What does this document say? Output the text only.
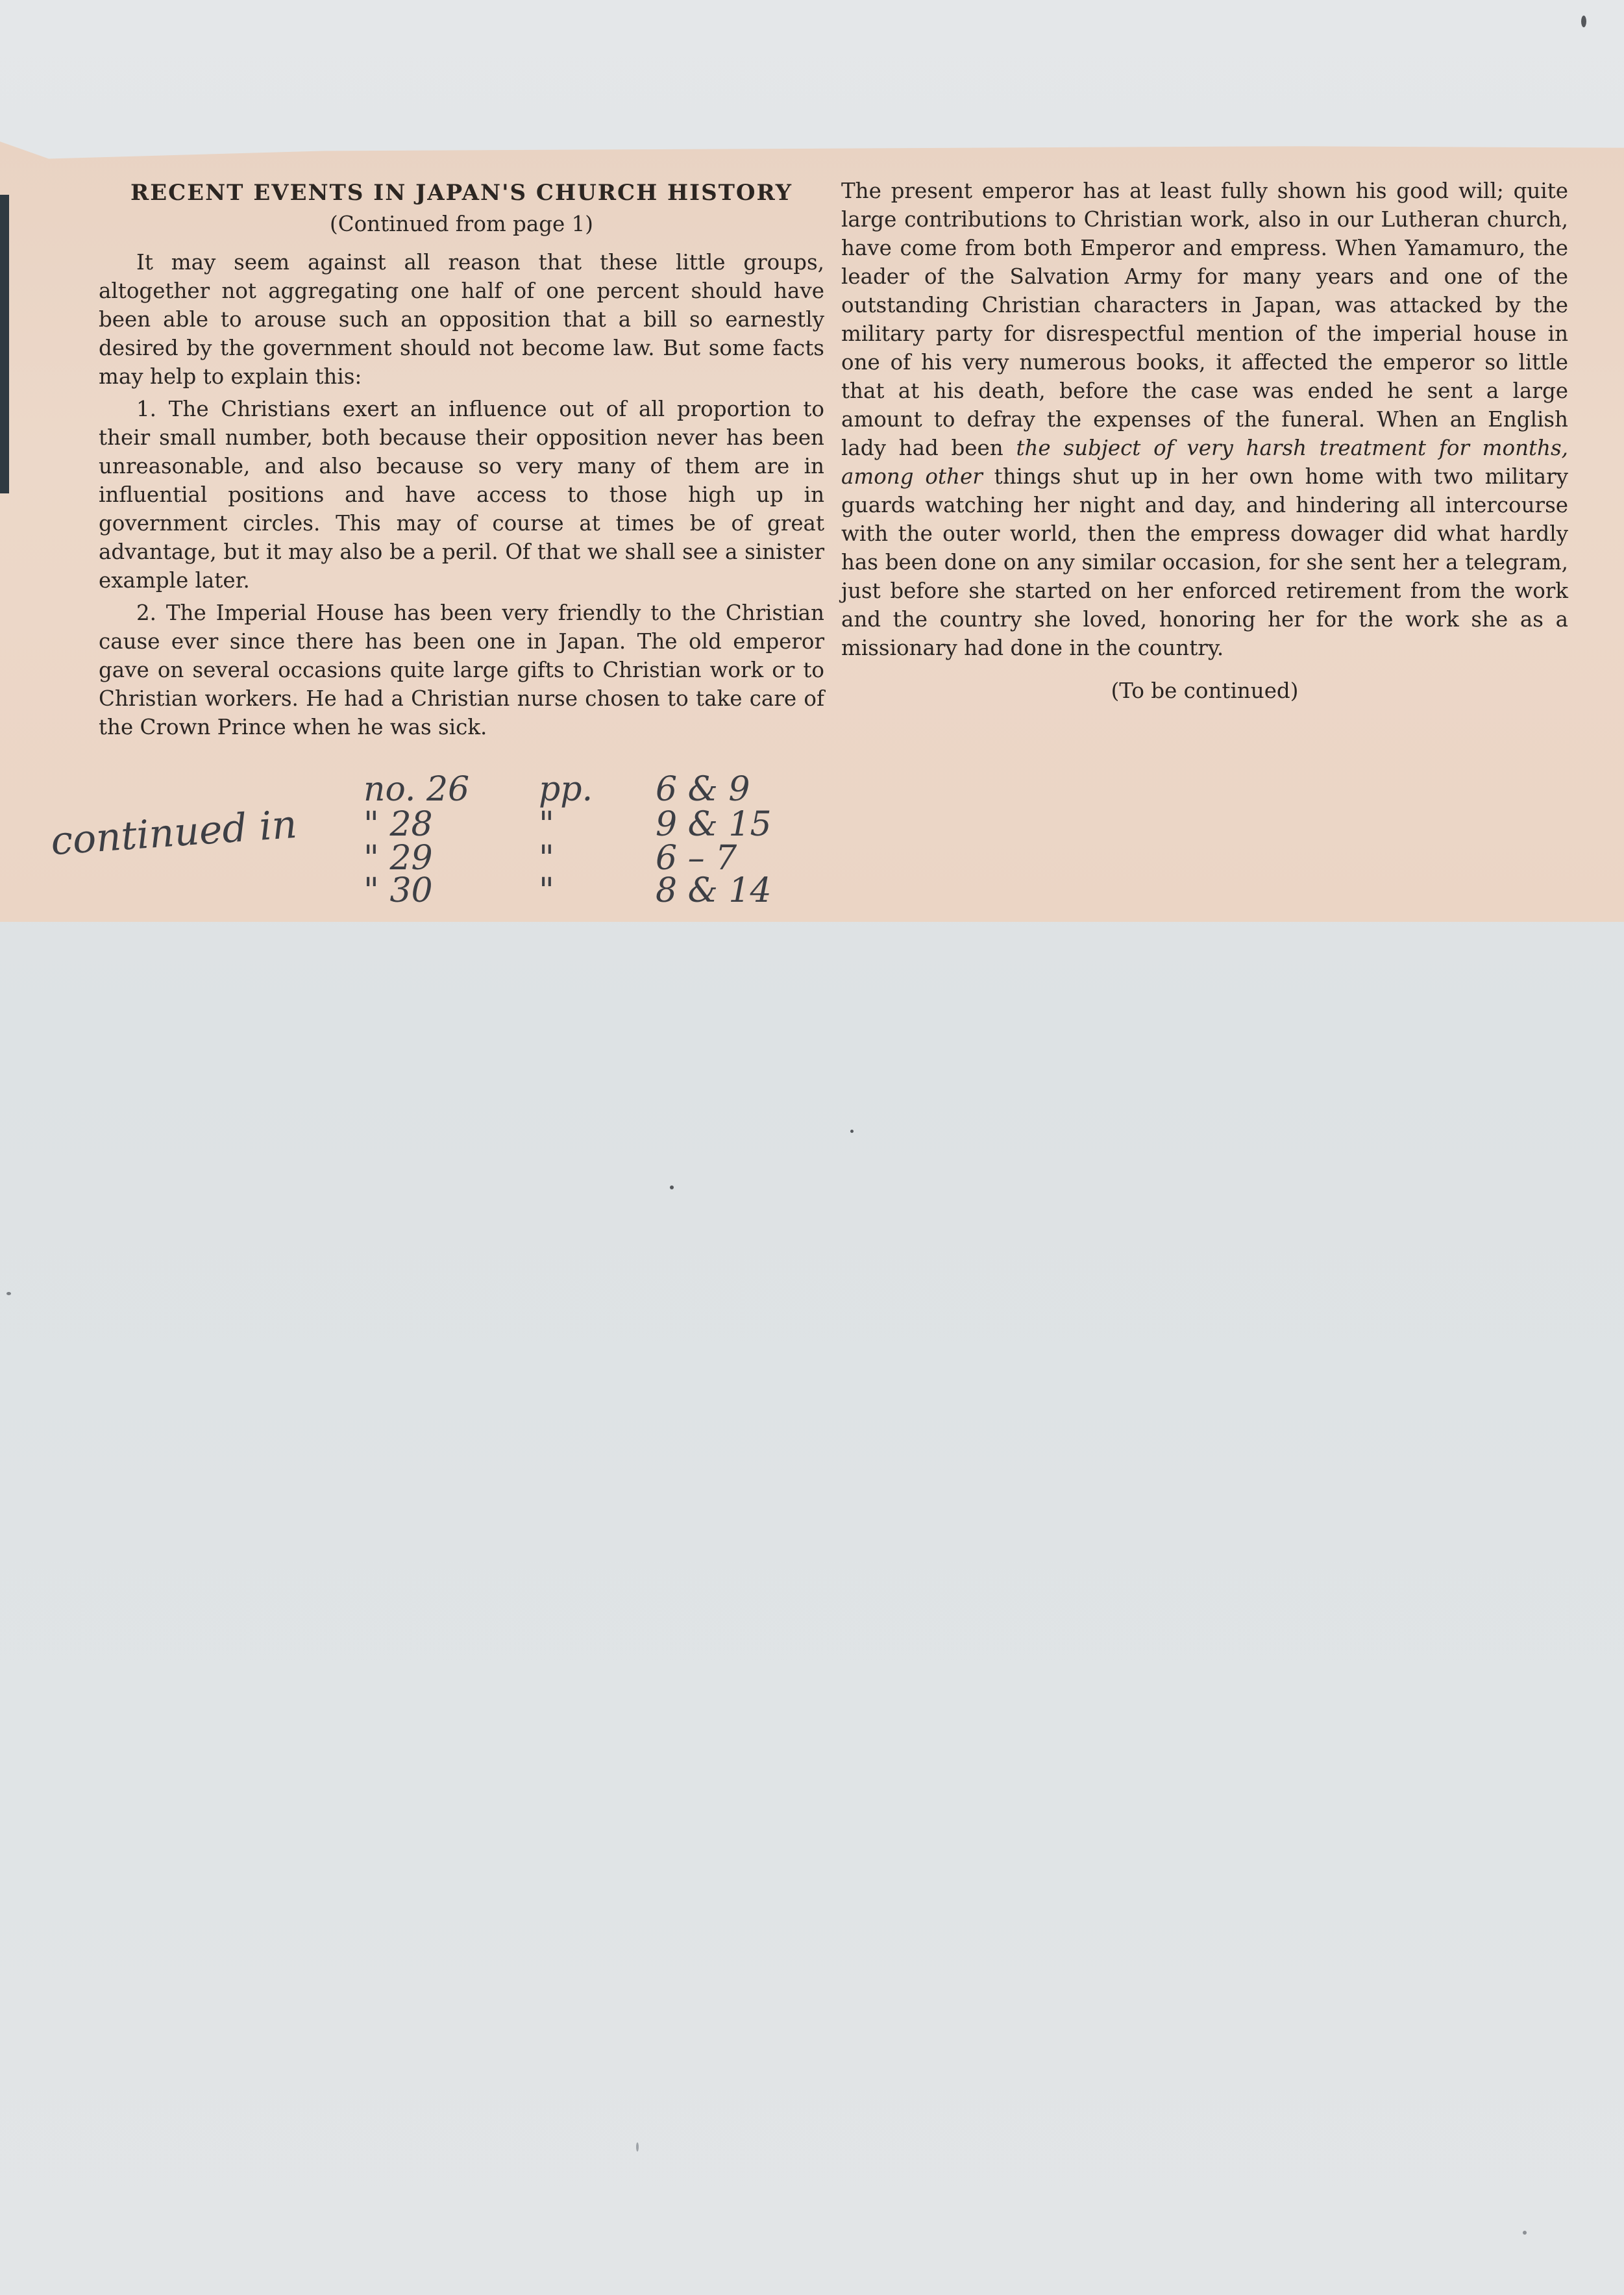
RECENT EVENTS IN JAPAN'S CHURCH HISTORY

(Continued from page 1)

It may seem against all reason that these little groups, altogether not aggregating one half of one percent should have been able to arouse such an opposition that a bill so earnestly desired by the government should not become law. But some facts may help to explain this:

1. The Christians exert an influence out of all proportion to their small number, both because their opposition never has been unreasonable, and also because so very many of them are in influential positions and have access to those high up in government circles. This may of course at times be of great advantage, but it may also be a peril. Of that we shall see a sinister example later.

2. The Imperial House has been very friendly to the Christian cause ever since there has been one in Japan. The old emperor gave on several occasions quite large gifts to Christian work or to Christian workers. He had a Christian nurse chosen to take care of the Crown Prince when he was sick.

The present emperor has at least fully shown his good will; quite large contributions to Christian work, also in our Lutheran church, have come from both Emperor and empress. When Yamamuro, the leader of the Salvation Army for many years and one of the outstanding Christian characters in Japan, was attacked by the military party for disrespectful mention of the imperial house in one of his very numerous books, it affected the emperor so little that at his death, before the case was ended he sent a large amount to defray the expenses of the funeral. When an English lady had been the subject of very harsh treatment for months, among other things shut up in her own home with two military guards watching her night and day, and hindering all intercourse with the outer world, then the empress dowager did what hardly has been done on any similar occasion, for she sent her a telegram, just before she started on her enforced retirement from the work and the country she loved, honoring her for the work she as a missionary had done in the country.

(To be continued)

continued in
no. 26 pp. 6 & 9
" 28	"	9 & 15
" 29	"	6 – 7
" 30	"	8 & 14
